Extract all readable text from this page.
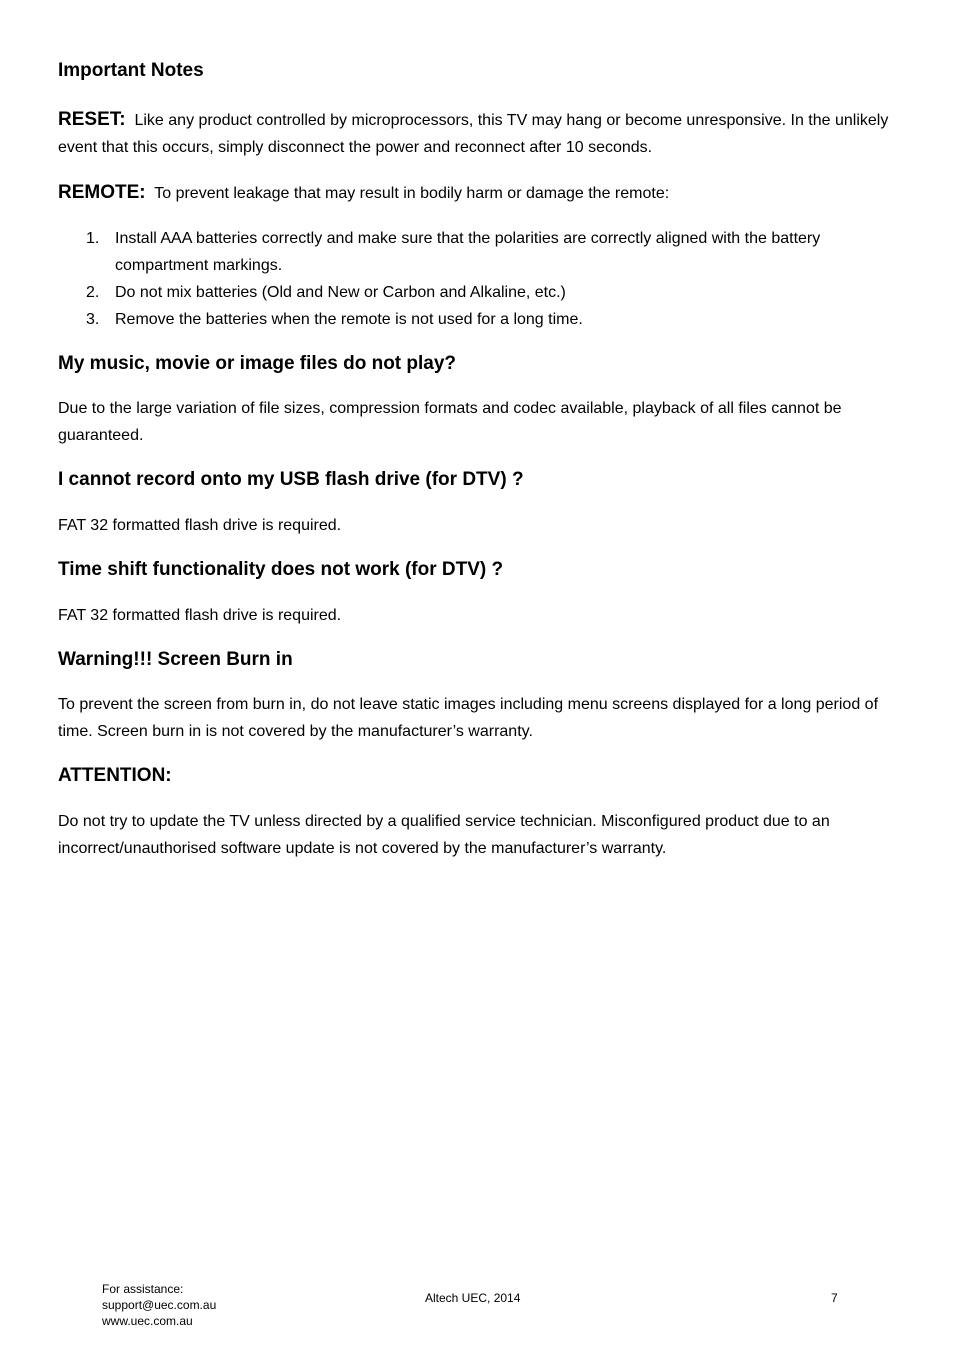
Important Notes

RESET: Like any product controlled by microprocessors, this TV may hang or become unresponsive. In the unlikely event that this occurs, simply disconnect the power and reconnect after 10 seconds.

REMOTE: To prevent leakage that may result in bodily harm or damage the remote:

1. Install AAA batteries correctly and make sure that the polarities are correctly aligned with the battery compartment markings.
2. Do not mix batteries (Old and New or Carbon and Alkaline, etc.)
3. Remove the batteries when the remote is not used for a long time.

My music, movie or image files do not play?

Due to the large variation of file sizes, compression formats and codec available, playback of all files cannot be guaranteed.

I cannot record onto my USB flash drive (for DTV) ?

FAT 32 formatted flash drive is required.

Time shift functionality does not work (for DTV) ?

FAT 32 formatted flash drive is required.

Warning!!! Screen Burn in

To prevent the screen from burn in, do not leave static images including menu screens displayed for a long period of time. Screen burn in is not covered by the manufacturer’s warranty.

ATTENTION:

Do not try to update the TV unless directed by a qualified service technician. Misconfigured product due to an incorrect/unauthorised software update is not covered by the manufacturer’s warranty.

For assistance:
support@uec.com.au
www.uec.com.au
Altech UEC, 2014	7
